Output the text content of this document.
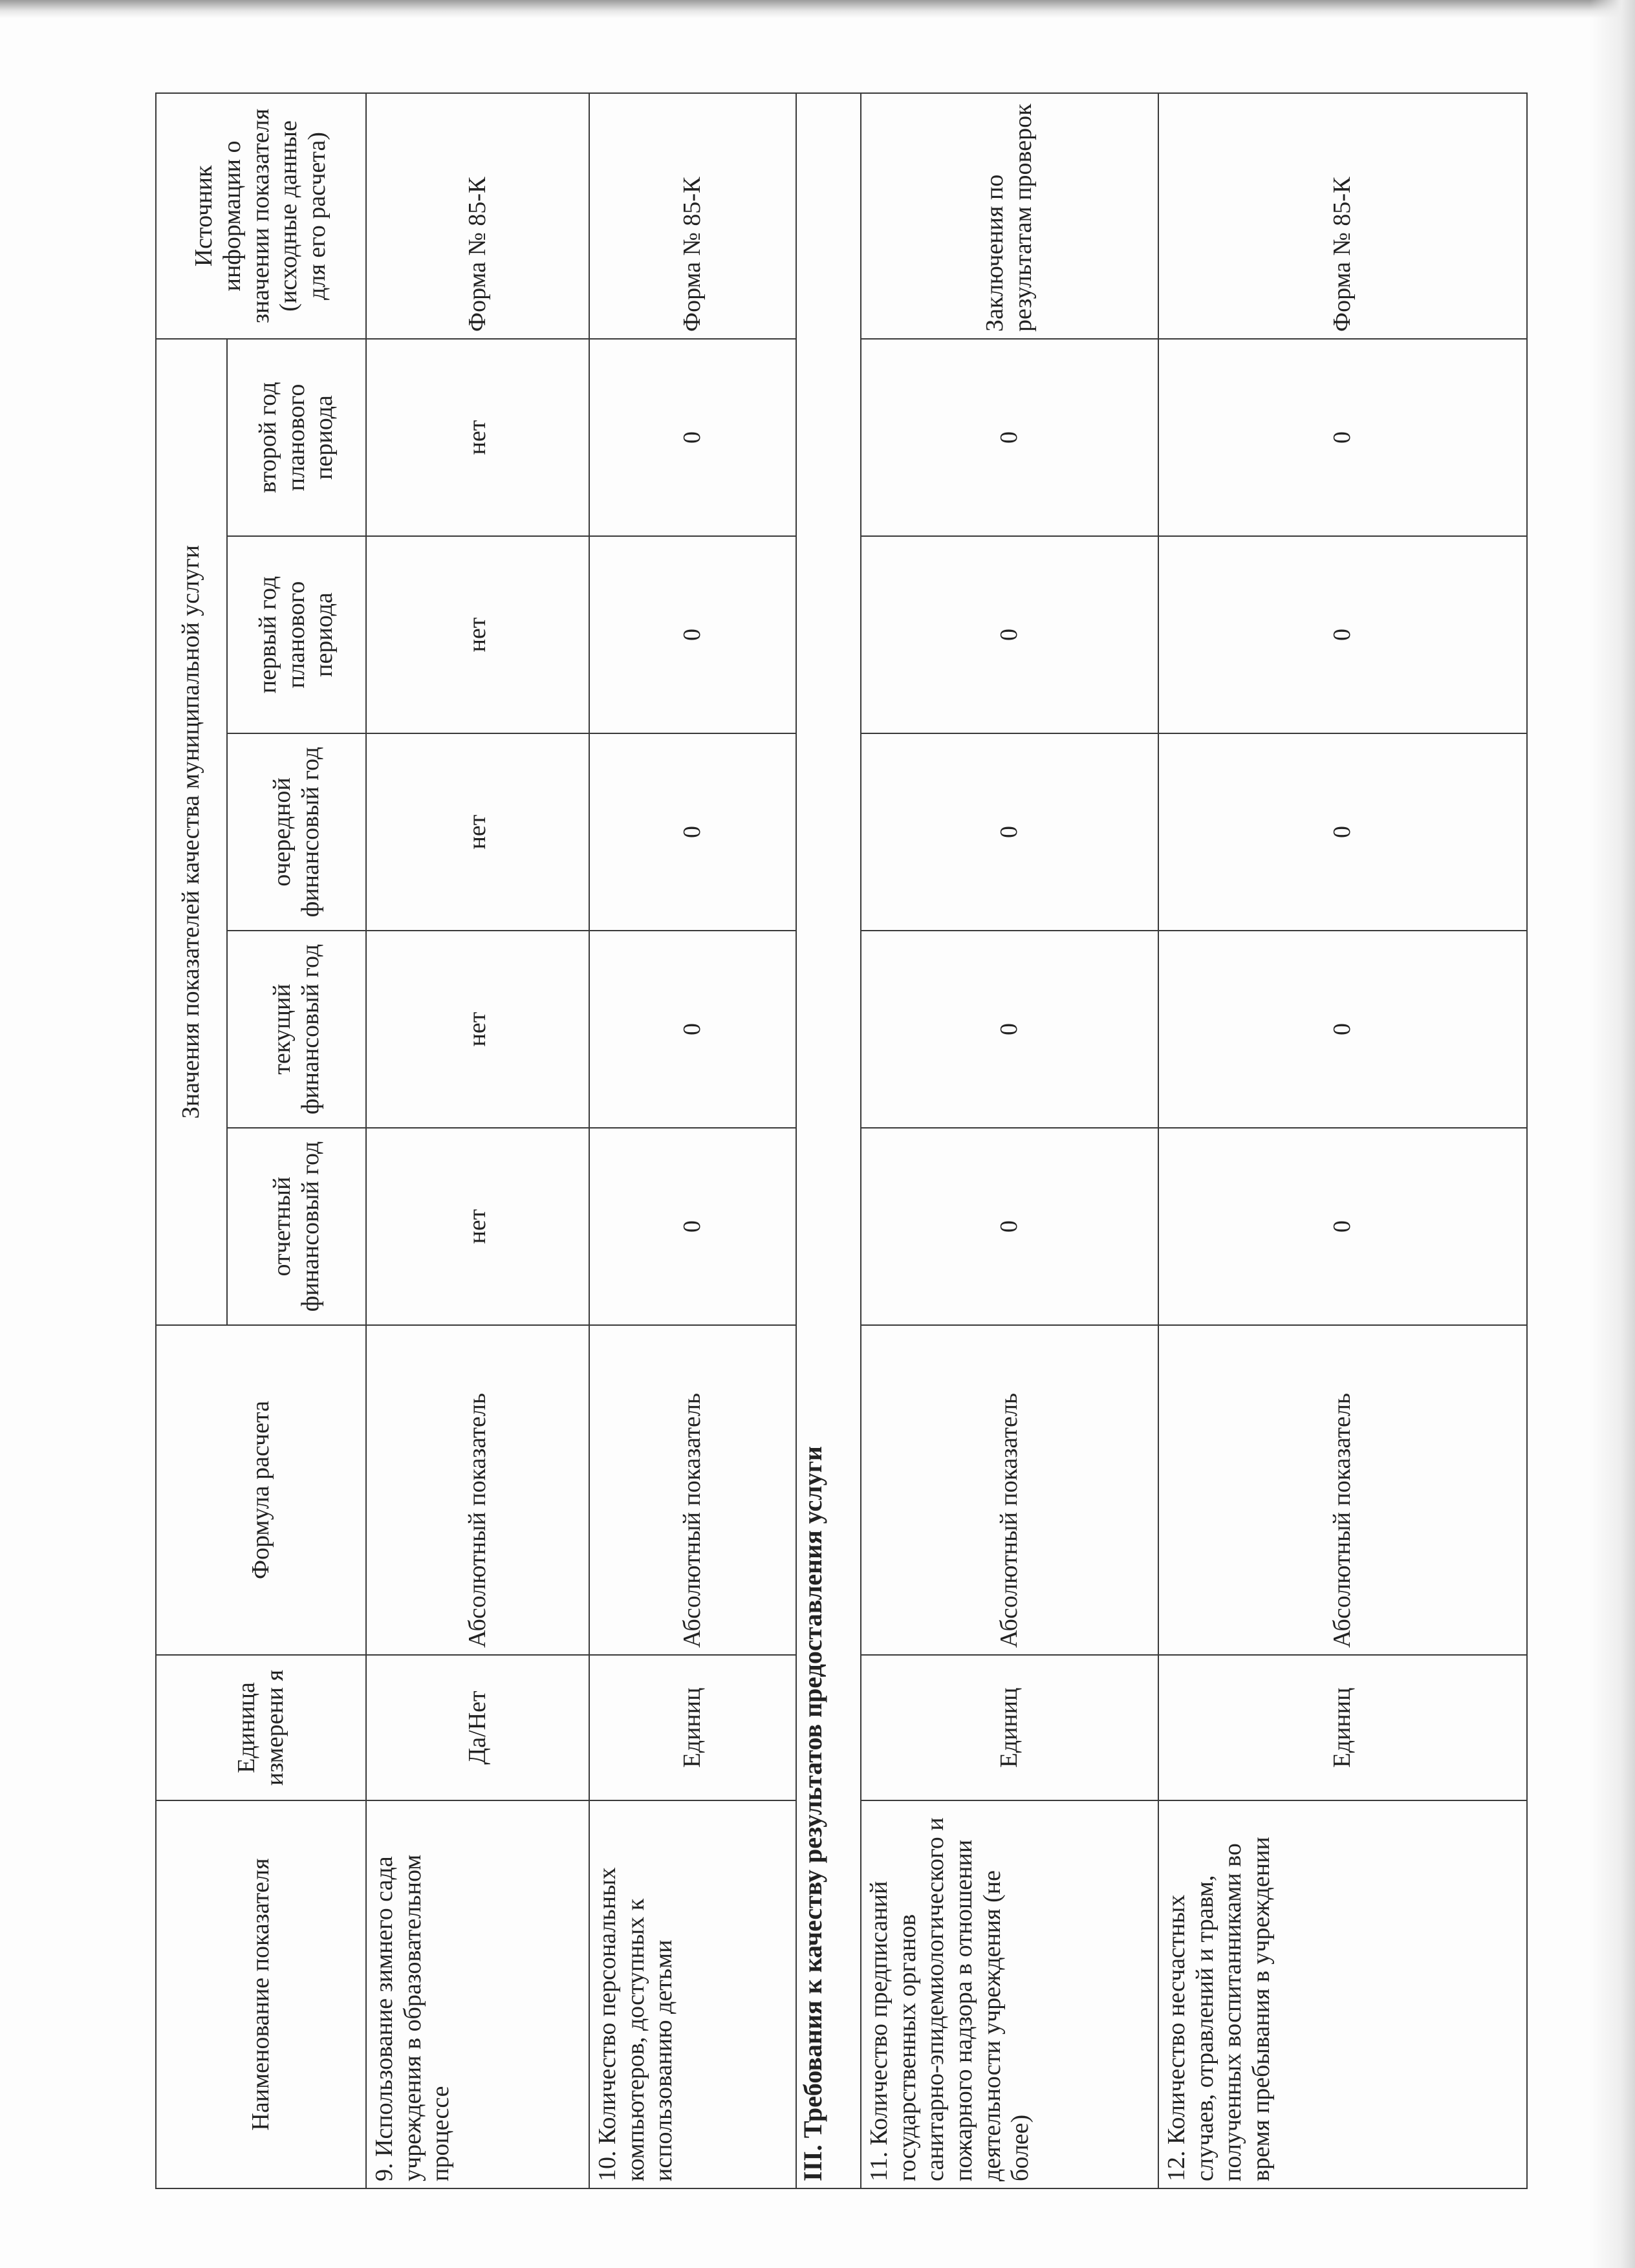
Наименование показателя	Единица измерени я	Формула расчета	Значения показателей качества муниципальной услуги					Источник информации о значении показателя (исходные данные для его расчета)
			отчетный финансовый год	текущий финансовый год	очередной финансовый год	первый год планового периода	второй год планового периода	
9. Использование зимнего сада учреждения в образовательном процессе	Да/Нет	Абсолютный показатель	нет	нет	нет	нет	нет	Форма № 85-К
10. Количество персональных компьютеров, доступных к использованию детьми	Единиц	Абсолютный показатель	0	0	0	0	0	Форма № 85-К
III. Требования к качеству результатов предоставления услуги								
11. Количество предписаний государственных органов санитарно-эпидемиологического и пожарного надзора в отношении деятельности учреждения (не более)	Единиц	Абсолютный показатель	0	0	0	0	0	Заключения по результатам проверок
12. Количество несчастных случаев, отравлений и травм, полученных воспитанниками во время пребывания в учреждении	Единиц	Абсолютный показатель	0	0	0	0	0	Форма № 85-К
